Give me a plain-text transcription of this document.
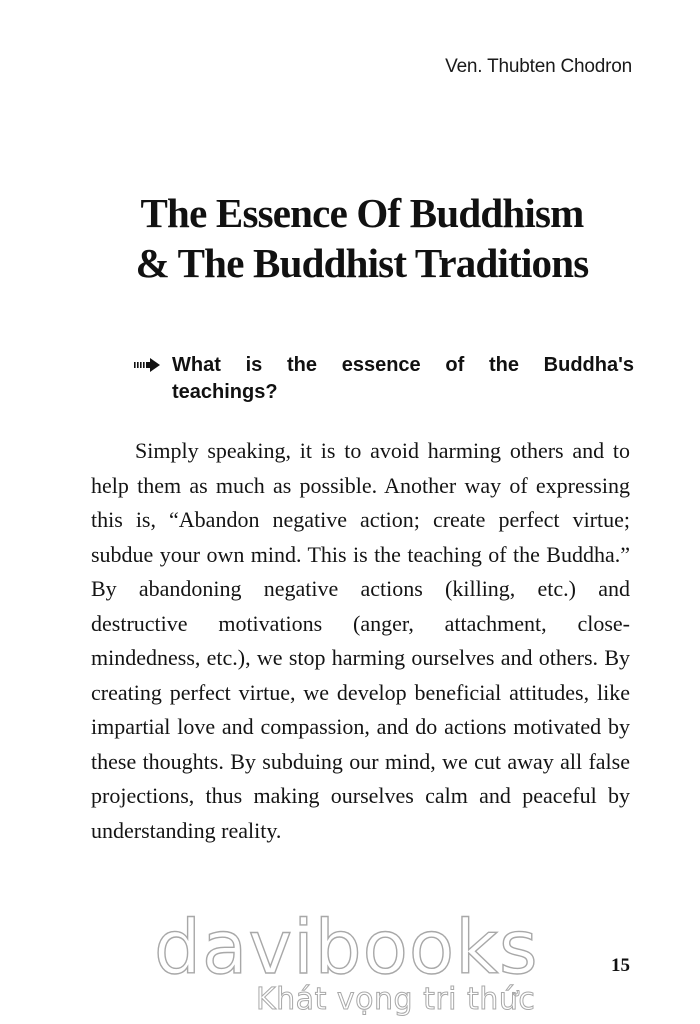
Ven. Thubten Chodron
The Essence Of Buddhism
& The Buddhist Traditions
What is the essence of the Buddha's teachings?

Simply speaking, it is to avoid harming others and to help them as much as possible. Another way of expressing this is, “Abandon negative action; create perfect virtue; subdue your own mind. This is the teaching of the Buddha.” By abandoning negative actions (killing, etc.) and destructive motivations (anger, attachment, close-mindedness, etc.), we stop harming ourselves and others. By creating perfect virtue, we develop beneficial attitudes, like impartial love and compassion, and do actions motivated by these thoughts. By subduing our mind, we cut away all false projections, thus making ourselves calm and peaceful by understanding reality.

davibooks
Khát vọng tri thức
15
